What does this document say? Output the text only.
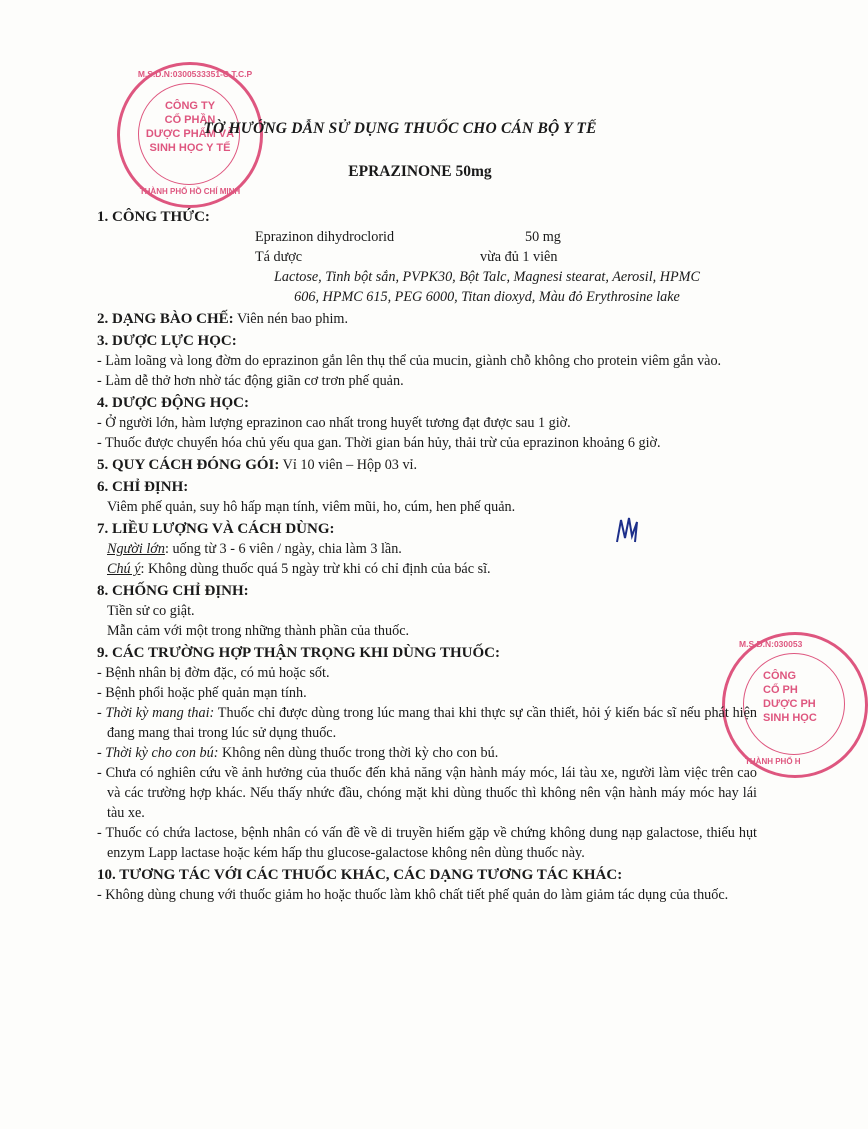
M.S.D.N:0300533351-C.T.C.P
CÔNG TY
CỔ PHẦN
DƯỢC PHẨM VÀ
SINH HỌC Y TẾ
THÀNH PHỐ HỒ CHÍ MINH
M.S.D.N:030053
CÔNG
CỔ PH
DƯỢC PH
SINH HỌC
THÀNH PHỐ H
TỜ HƯỚNG DẪN SỬ DỤNG THUỐC CHO CÁN BỘ Y TẾ
EPRAZINONE 50mg
1. CÔNG THỨC:
Eprazinon dihydroclorid	50 mg
Tá dược	vừa đủ 1 viên
Lactose, Tinh bột sắn, PVPK30, Bột Talc, Magnesi stearat, Aerosil, HPMC
606, HPMC 615, PEG 6000, Titan dioxyd, Màu đỏ Erythrosine lake
2. DẠNG BÀO CHẾ: Viên nén bao phim.
3. DƯỢC LỰC HỌC:
- Làm loãng và long đờm do eprazinon gắn lên thụ thể của mucin, giành chỗ không cho protein viêm gắn vào.
- Làm dễ thở hơn nhờ tác động giãn cơ trơn phế quản.
4. DƯỢC ĐỘNG HỌC:
- Ở người lớn, hàm lượng eprazinon cao nhất trong huyết tương đạt được sau 1 giờ.
- Thuốc được chuyển hóa chủ yếu qua gan. Thời gian bán hủy, thải trừ của eprazinon khoảng 6 giờ.
5. QUY CÁCH ĐÓNG GÓI: Vỉ 10 viên – Hộp 03 vỉ.
6. CHỈ ĐỊNH:
Viêm phế quản, suy hô hấp mạn tính, viêm mũi, ho, cúm, hen phế quản.
7. LIỀU LƯỢNG VÀ CÁCH DÙNG:
Người lớn: uống từ 3 - 6 viên / ngày, chia làm 3 lần.
Chú ý: Không dùng thuốc quá 5 ngày trừ khi có chỉ định của bác sĩ.
8. CHỐNG CHỈ ĐỊNH:
Tiền sử co giật.
Mẫn cảm với một trong những thành phần của thuốc.
9. CÁC TRƯỜNG HỢP THẬN TRỌNG KHI DÙNG THUỐC:
- Bệnh nhân bị đờm đặc, có mủ hoặc sốt.
- Bệnh phổi hoặc phế quản mạn tính.
- Thời kỳ mang thai: Thuốc chỉ được dùng trong lúc mang thai khi thực sự cần thiết, hỏi ý kiến bác sĩ nếu phát hiện đang mang thai trong lúc sử dụng thuốc.
- Thời kỳ cho con bú: Không nên dùng thuốc trong thời kỳ cho con bú.
- Chưa có nghiên cứu về ảnh hưởng của thuốc đến khả năng vận hành máy móc, lái tàu xe, người làm việc trên cao và các trường hợp khác. Nếu thấy nhức đầu, chóng mặt khi dùng thuốc thì không nên vận hành máy móc hay lái tàu xe.
- Thuốc có chứa lactose, bệnh nhân có vấn đề về di truyền hiếm gặp về chứng không dung nạp galactose, thiếu hụt enzym Lapp lactase hoặc kém hấp thu glucose-galactose không nên dùng thuốc này.
10. TƯƠNG TÁC VỚI CÁC THUỐC KHÁC, CÁC DẠNG TƯƠNG TÁC KHÁC:
- Không dùng chung với thuốc giảm ho hoặc thuốc làm khô chất tiết phế quản do làm giảm tác dụng của thuốc.
